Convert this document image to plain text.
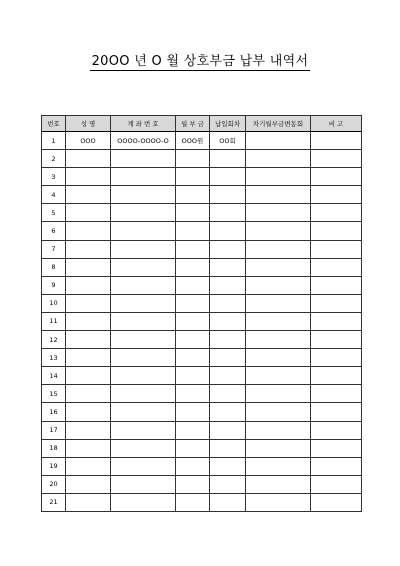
20OO 년 O 월 상호부금 납부 내역서
번호	성 명	계 좌 번 호	월 부 금	납입회차	차기월부금변동회	비 고
1	OOO	OOOO-OOOO-O	OOO원	OO회		
2						
3						
4						
5						
6						
7						
8						
9						
10						
11						
12						
13						
14						
15						
16						
17						
18						
19						
20						
21						
